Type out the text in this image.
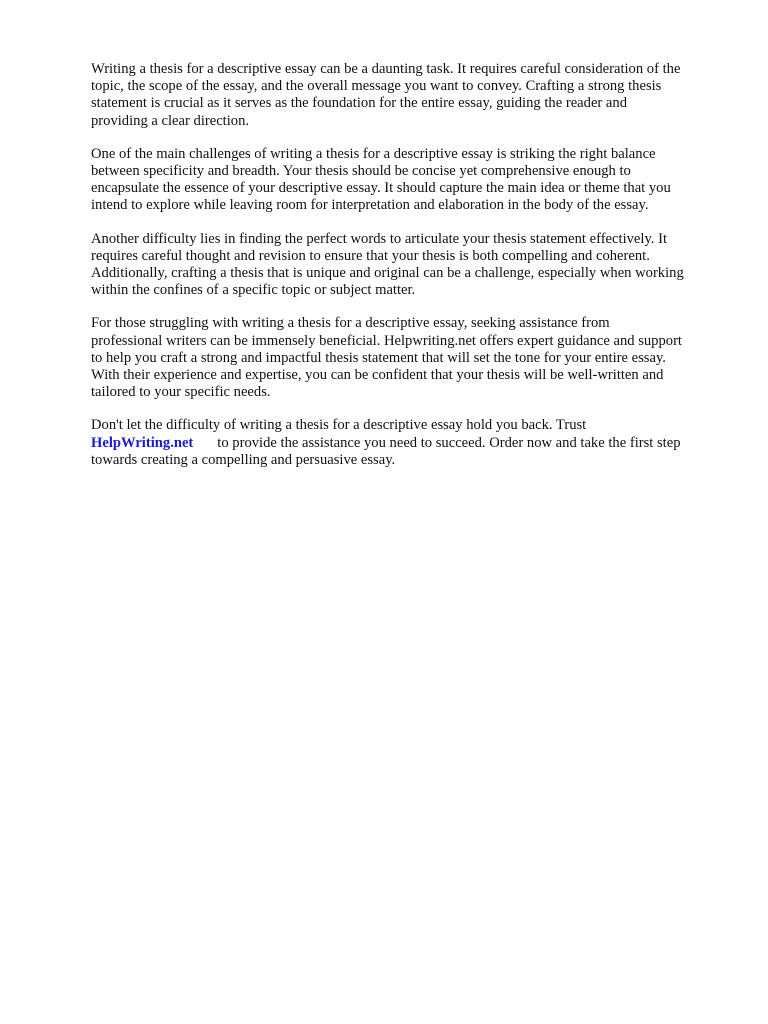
Writing a thesis for a descriptive essay can be a daunting task. It requires careful consideration of the
topic, the scope of the essay, and the overall message you want to convey. Crafting a strong thesis
statement is crucial as it serves as the foundation for the entire essay, guiding the reader and
providing a clear direction.

One of the main challenges of writing a thesis for a descriptive essay is striking the right balance
between specificity and breadth. Your thesis should be concise yet comprehensive enough to
encapsulate the essence of your descriptive essay. It should capture the main idea or theme that you
intend to explore while leaving room for interpretation and elaboration in the body of the essay.

Another difficulty lies in finding the perfect words to articulate your thesis statement effectively. It
requires careful thought and revision to ensure that your thesis is both compelling and coherent.
Additionally, crafting a thesis that is unique and original can be a challenge, especially when working
within the confines of a specific topic or subject matter.

For those struggling with writing a thesis for a descriptive essay, seeking assistance from
professional writers can be immensely beneficial. Helpwriting.net offers expert guidance and support
to help you craft a strong and impactful thesis statement that will set the tone for your entire essay.
With their experience and expertise, you can be confident that your thesis will be well-written and
tailored to your specific needs.

Don't let the difficulty of writing a thesis for a descriptive essay hold you back. Trust
HelpWriting.net to provide the assistance you need to succeed. Order now and take the first step
towards creating a compelling and persuasive essay.
